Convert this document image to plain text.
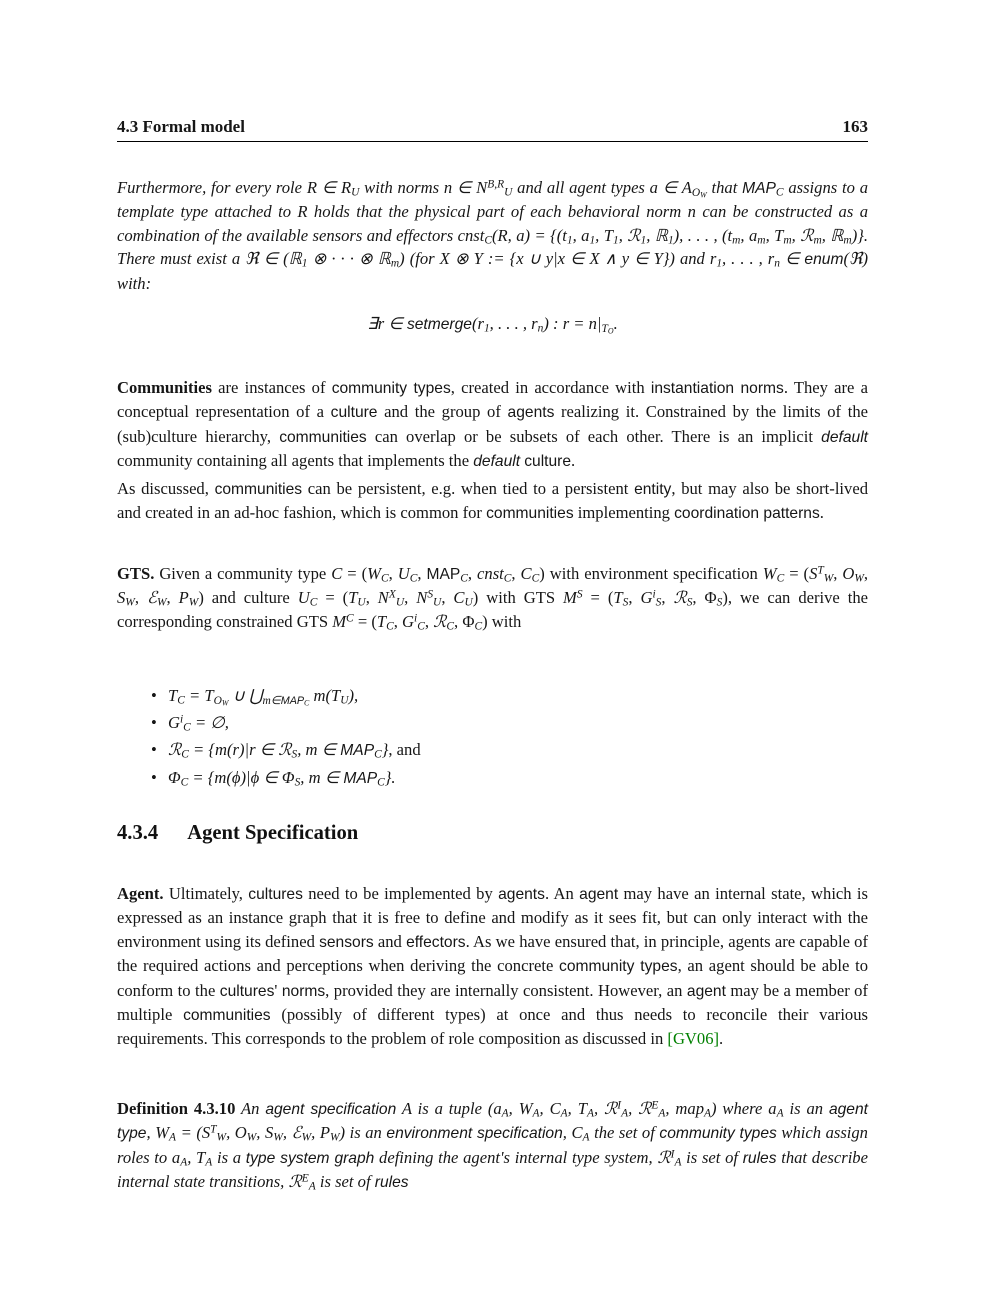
4.3 Formal model	163

Furthermore, for every role R ∈ $R_U$ with norms n ∈ $N^{B,R}_U$ and all agent types a ∈ $A_{O_W}$ that $MAP_C$ assigns to a template type attached to R holds that the physical part of each behavioral norm n can be constructed as a combination of the available sensors and effectors cnst$_C$(R, $a) = \{(t_1$, $a_1$, $T_1$, ℛ$_1$, ℝ$_1$), . . . , ($t_m$, $a_m$, $T_m$, ℛ$_m$, ℝ$_m$)}. There must exist a ℜ ∈ (ℝ$_1$ ⊗ · · · ⊗ ℝ$_m$) (for X ⊗ Y := {x ∪ y|x ∈ X ∧ y ∈ Y}) and $r_1$, . . . , $r_n$ ∈ enum(ℜ) with:

∃r ∈ $setmerge(r_1$, . . . , $r_n$) : $r = n|_{T_O}$.

Communities are instances of community types, created in accordance with instantiation norms. They are a conceptual representation of a culture and the group of agents realizing it. Constrained by the limits of the (sub)culture hierarchy, communities can overlap or be subsets of each other. There is an implicit default community containing all agents that implements the default culture.

As discussed, communities can be persistent, e.g. when tied to a persistent entity, but may also be short-lived and created in an ad-hoc fashion, which is common for communities implementing coordination patterns.

GTS. Given a community type $C = (W_C$, $U_C$, $MAP_C$, cnst$_C$, $C_C$) with environment specification $W_C = (S^T_W$, $O_W$, $S_W$, ℰ$_W$, $P_W$) and culture $U_C = (T_U$, $N^X_U$, $N^S_U$, $C_U$) with GTS $M^S = (T_S$, $G^i_S$, ℛ$_S$, $\Phi_S$), we can derive the corresponding constrained GTS $M^C = (T_C$, $G^i_C$, ℛ$_C$, $\Phi_C$) with

• $T_C = T_{O_W}$ ∪ $⋃_{m\in MAP_C}$ $m(T_U)$,
• $G^i_C$ = ∅,
• ℛ$_C$ = {m(r)|r ∈ ℛ$_S$, m ∈ $MAP_C$}, and
• $\Phi_C = \{m(\phi)|\phi$ ∈ $\Phi_S$, m ∈ $MAP_C$}.
4.3.4 Agent Specification

Agent. Ultimately, cultures need to be implemented by agents. An agent may have an internal state, which is expressed as an instance graph that it is free to define and modify as it sees fit, but can only interact with the environment using its defined sensors and effectors. As we have ensured that, in principle, agents are capable of the required actions and perceptions when deriving the concrete community types, an agent should be able to conform to the cultures' norms, provided they are internally consistent. However, an agent may be a member of multiple communities (possibly of different types) at once and thus needs to reconcile their various requirements. This corresponds to the problem of role composition as discussed in [GV06].

Definition 4.3.10 An agent specification A is a tuple ($a_A$, $W_A$, $C_A$, $T_A$, ℛ$^I_A$, ℛ$^E_A$, map$_A$) where $a_A$ is an agent type, $W_A = (S^T_W$, $O_W$, $S_W$, ℰ$_W$, $P_W$) is an environment specification, $C_A$ the set of community types which assign roles to $a_A$, $T_A$ is a type system graph defining the agent's internal type system, ℛ$^I_A$ is set of rules that describe internal state transitions, ℛ$^E_A$ is set of rules
